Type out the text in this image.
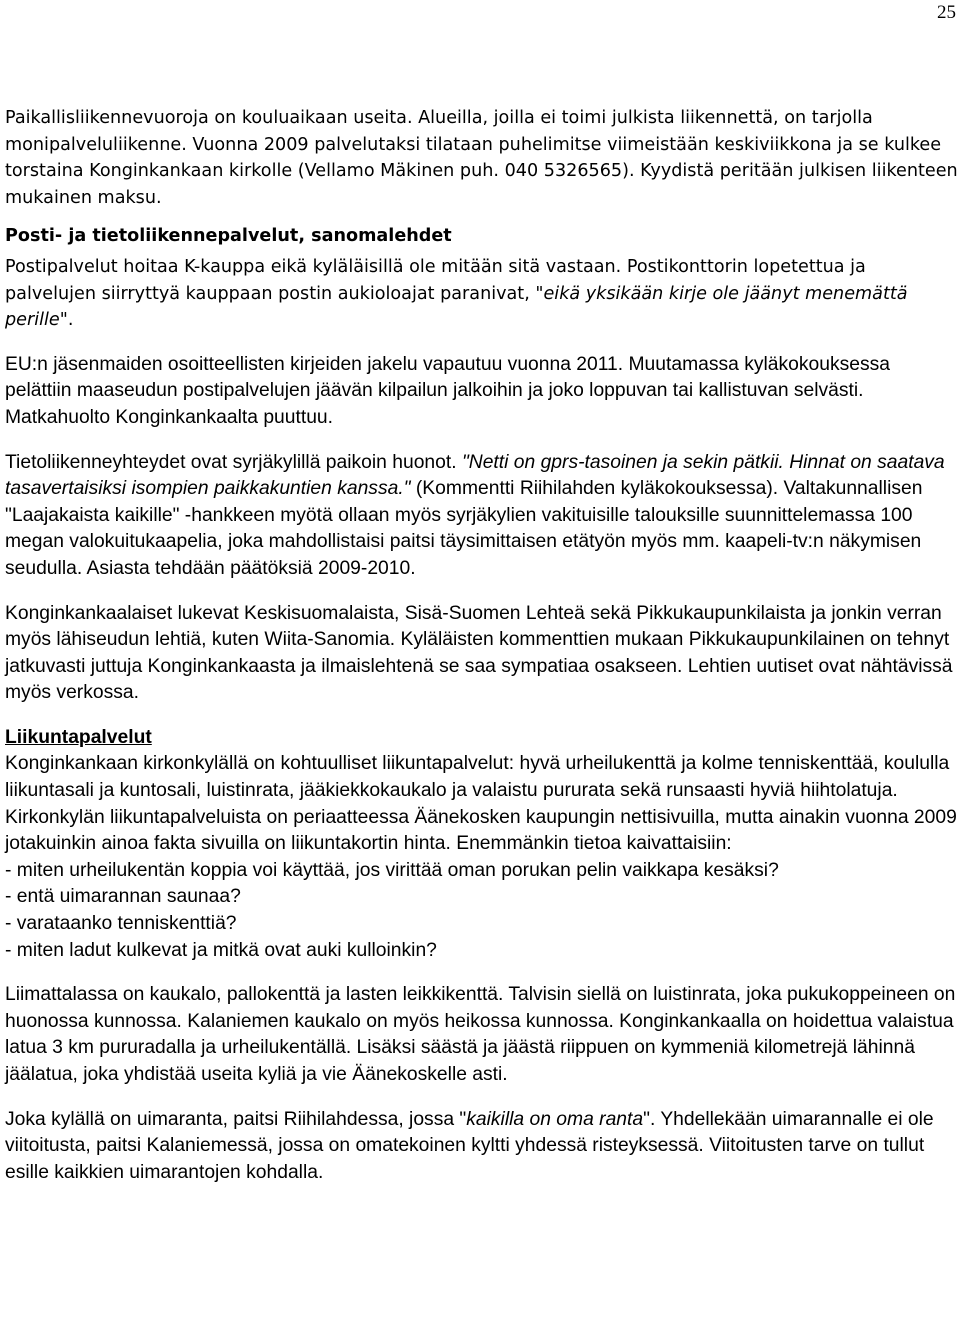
25

Paikallisliikennevuoroja on kouluaikaan useita. Alueilla, joilla ei toimi julkista liikennettä, on tarjolla monipalveluliikenne. Vuonna 2009 palvelutaksi tilataan puhelimitse viimeistään keskiviikkona ja se kulkee torstaina Konginkankaan kirkolle (Vellamo Mäkinen puh. 040 5326565). Kyydistä peritään julkisen liikenteen mukainen maksu.

Posti- ja tietoliikennepalvelut, sanomalehdet

Postipalvelut hoitaa K-kauppa eikä kyläläisillä ole mitään sitä vastaan. Postikonttorin lopetettua ja palvelujen siirryttyä kauppaan postin aukioloajat paranivat, "eikä yksikään kirje ole jäänyt menemättä perille".

EU:n jäsenmaiden osoitteellisten kirjeiden jakelu vapautuu vuonna 2011. Muutamassa kyläkokouksessa pelättiin maaseudun postipalvelujen jäävän kilpailun jalkoihin ja joko loppuvan tai kallistuvan selvästi. Matkahuolto Konginkankaalta puuttuu.

Tietoliikenneyhteydet ovat syrjäkylillä paikoin huonot. "Netti on gprs-tasoinen ja sekin pätkii. Hinnat on saatava tasavertaisiksi isompien paikkakuntien kanssa." (Kommentti Riihilahden kyläkokouksessa). Valtakunnallisen "Laajakaista kaikille" -hankkeen myötä ollaan myös syrjäkylien vakituisille talouksille suunnittelemassa 100 megan valokuitukaapelia, joka mahdollistaisi paitsi täysimittaisen etätyön myös mm. kaapeli-tv:n näkymisen seudulla. Asiasta tehdään päätöksiä 2009-2010.

Konginkankaalaiset lukevat Keskisuomalaista, Sisä-Suomen Lehteä sekä Pikkukaupunkilaista ja jonkin verran myös lähiseudun lehtiä, kuten Wiita-Sanomia. Kyläläisten kommenttien mukaan Pikkukaupunkilainen on tehnyt jatkuvasti juttuja Konginkankaasta ja ilmaislehtenä se saa sympatiaa osakseen. Lehtien uutiset ovat nähtävissä myös verkossa.

Liikuntapalvelut

Konginkankaan kirkonkylällä on kohtuulliset liikuntapalvelut: hyvä urheilukenttä ja kolme tenniskenttää, koululla liikuntasali ja kuntosali, luistinrata, jääkiekkokaukalo ja valaistu pururata sekä runsaasti hyviä hiihtolatuja. Kirkonkylän liikuntapalveluista on periaatteessa Äänekosken kaupungin nettisivuilla, mutta ainakin vuonna 2009 jotakuinkin ainoa fakta sivuilla on liikuntakortin hinta. Enemmänkin tietoa kaivattaisiin:

- miten urheilukentän koppia voi käyttää, jos virittää oman porukan pelin vaikkapa kesäksi?

- entä uimarannan saunaa?

- varataanko tenniskenttiä?

- miten ladut kulkevat ja mitkä ovat auki kulloinkin?

Liimattalassa on kaukalo, pallokenttä ja lasten leikkikenttä. Talvisin siellä on luistinrata, joka pukukoppeineen on huonossa kunnossa. Kalaniemen kaukalo on myös heikossa kunnossa. Konginkankaalla on hoidettua valaistua latua 3 km pururadalla ja urheilukentällä. Lisäksi säästä ja jäästä riippuen on kymmeniä kilometrejä lähinnä jäälatua, joka yhdistää useita kyliä ja vie Äänekoskelle asti.

Joka kylällä on uimaranta, paitsi Riihilahdessa, jossa "kaikilla on oma ranta". Yhdellekään uimarannalle ei ole viitoitusta, paitsi Kalaniemessä, jossa on omatekoinen kyltti yhdessä risteyksessä. Viitoitusten tarve on tullut esille kaikkien uimarantojen kohdalla.
